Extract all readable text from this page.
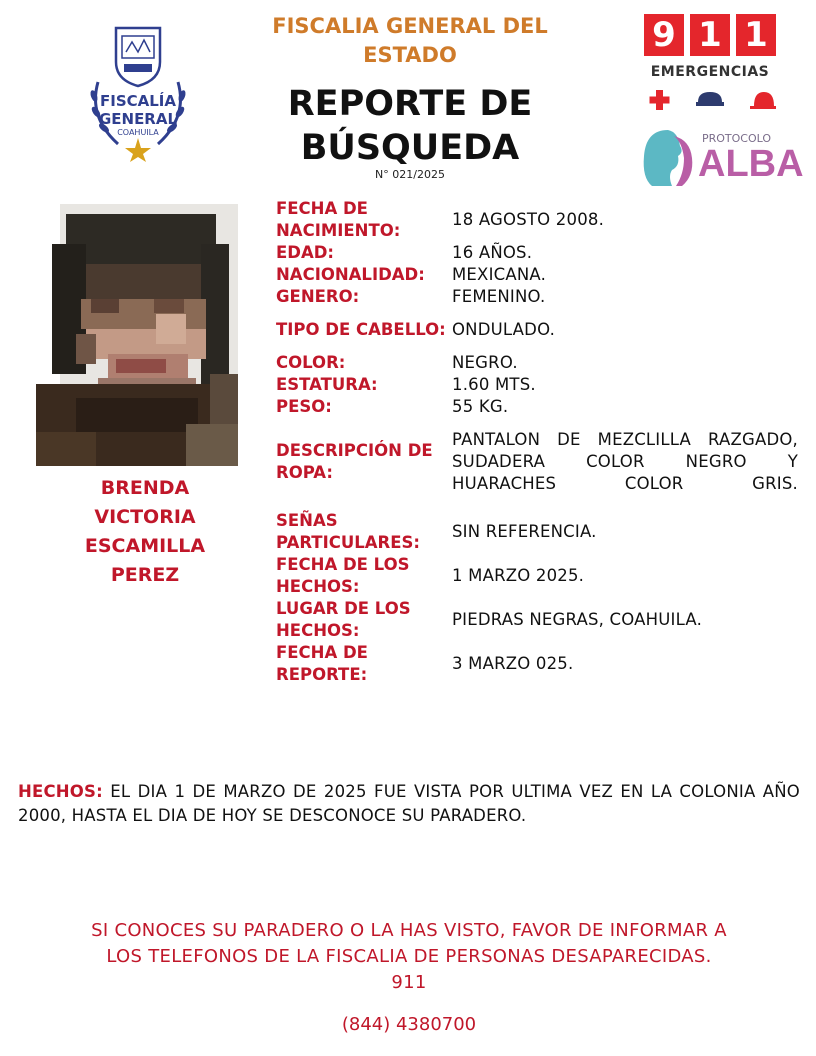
FISCALIA GENERAL DEL ESTADO
REPORTE DE
BÚSQUEDA
N° 021/2025
FISCALÍA
GENERAL
COAHUILA
9 1 1
EMERGENCIAS
PROTOCOLO
ALBA
BRENDA
VICTORIA
ESCAMILLA
PEREZ
FECHA DE NACIMIENTO:
18 AGOSTO 2008.
EDAD:	16 AÑOS.
NACIONALIDAD:	MEXICANA.
GENERO:	FEMENINO.
TIPO DE CABELLO: ONDULADO.
COLOR:	NEGRO.
ESTATURA:	1.60 MTS.
PESO:	55 KG.
DESCRIPCIÓN DE ROPA:
PANTALON DE MEZCLILLA RAZGADO, SUDADERA COLOR NEGRO Y HUARACHES COLOR GRIS.
SEÑAS PARTICULARES:
SIN REFERENCIA.
FECHA DE LOS HECHOS:
1 MARZO 2025.
LUGAR DE LOS HECHOS:
PIEDRAS NEGRAS, COAHUILA.
FECHA DE REPORTE:
3 MARZO 025.
HECHOS: EL DIA 1 DE MARZO DE 2025 FUE VISTA POR ULTIMA VEZ EN LA COLONIA AÑO 2000, HASTA EL DIA DE HOY SE DESCONOCE SU PARADERO.
SI CONOCES SU PARADERO O LA HAS VISTO, FAVOR DE INFORMAR A
LOS TELEFONOS DE LA FISCALIA DE PERSONAS DESAPARECIDAS.
911
(844) 4380700
